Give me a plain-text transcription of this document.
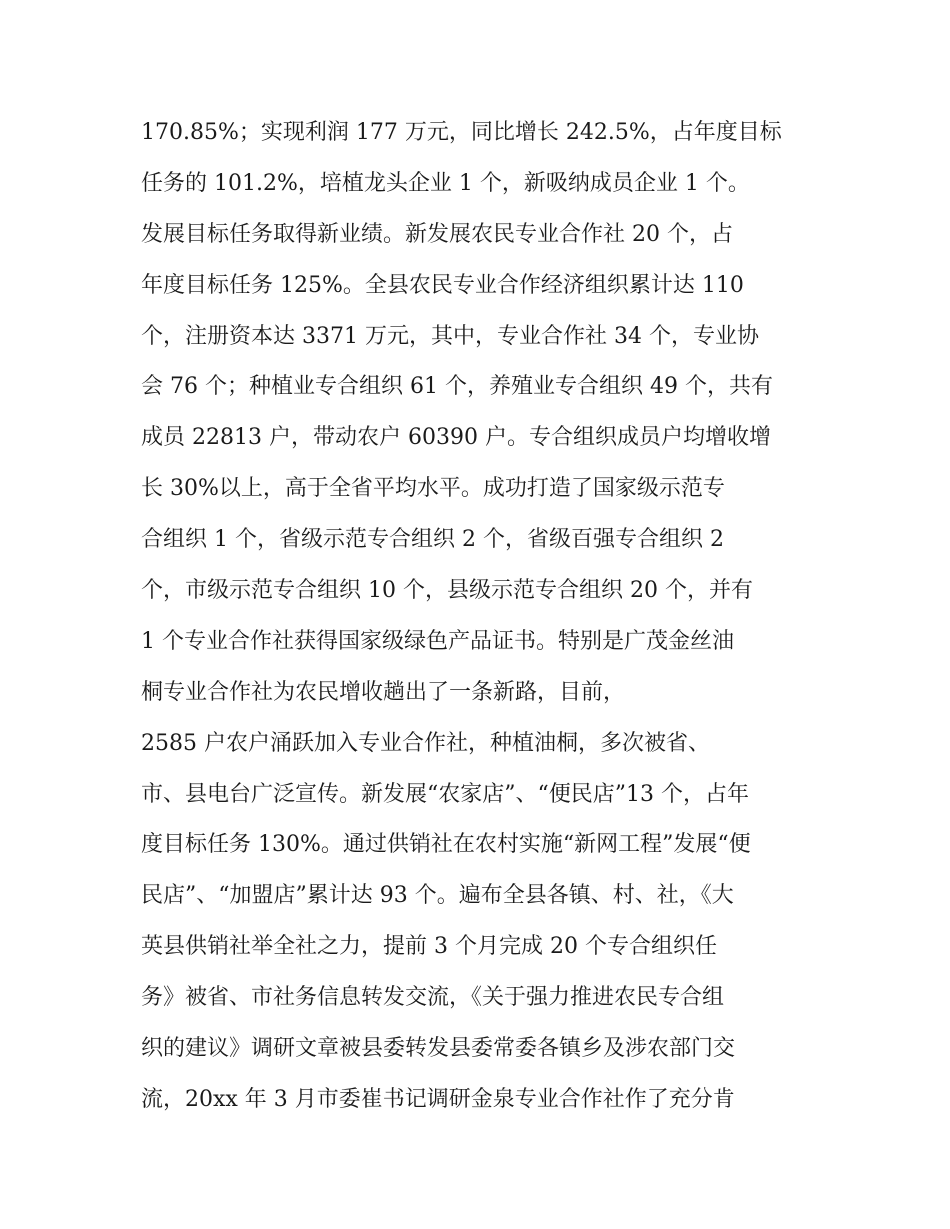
170.85%；实现利润 177 万元，同比增长 242.5%，占年度目标
任务的 101.2%，培植龙头企业 1 个，新吸纳成员企业 1 个。
发展目标任务取得新业绩。新发展农民专业合作社 20 个，占
年度目标任务 125%。全县农民专业合作经济组织累计达 110
个，注册资本达 3371 万元，其中，专业合作社 34 个，专业协
会 76 个；种植业专合组织 61 个，养殖业专合组织 49 个，共有
成员 22813 户，带动农户 60390 户。专合组织成员户均增收增
长 30%以上，高于全省平均水平。成功打造了国家级示范专
合组织 1 个，省级示范专合组织 2 个，省级百强专合组织 2
个，市级示范专合组织 10 个，县级示范专合组织 20 个，并有
1 个专业合作社获得国家级绿色产品证书。特别是广茂金丝油
桐专业合作社为农民增收趟出了一条新路，目前，
2585 户农户涌跃加入专业合作社，种植油桐，多次被省、
市、县电台广泛宣传。新发展“农家店”、“便民店”13 个，占年
度目标任务 130%。通过供销社在农村实施“新网工程”发展“便
民店”、“加盟店”累计达 93 个。遍布全县各镇、村、社，《大
英县供销社举全社之力，提前 3 个月完成 20 个专合组织任
务》被省、市社务信息转发交流，《关于强力推进农民专合组
织的建议》调研文章被县委转发县委常委各镇乡及涉农部门交
流，20xx 年 3 月市委崔书记调研金泉专业合作社作了充分肯
